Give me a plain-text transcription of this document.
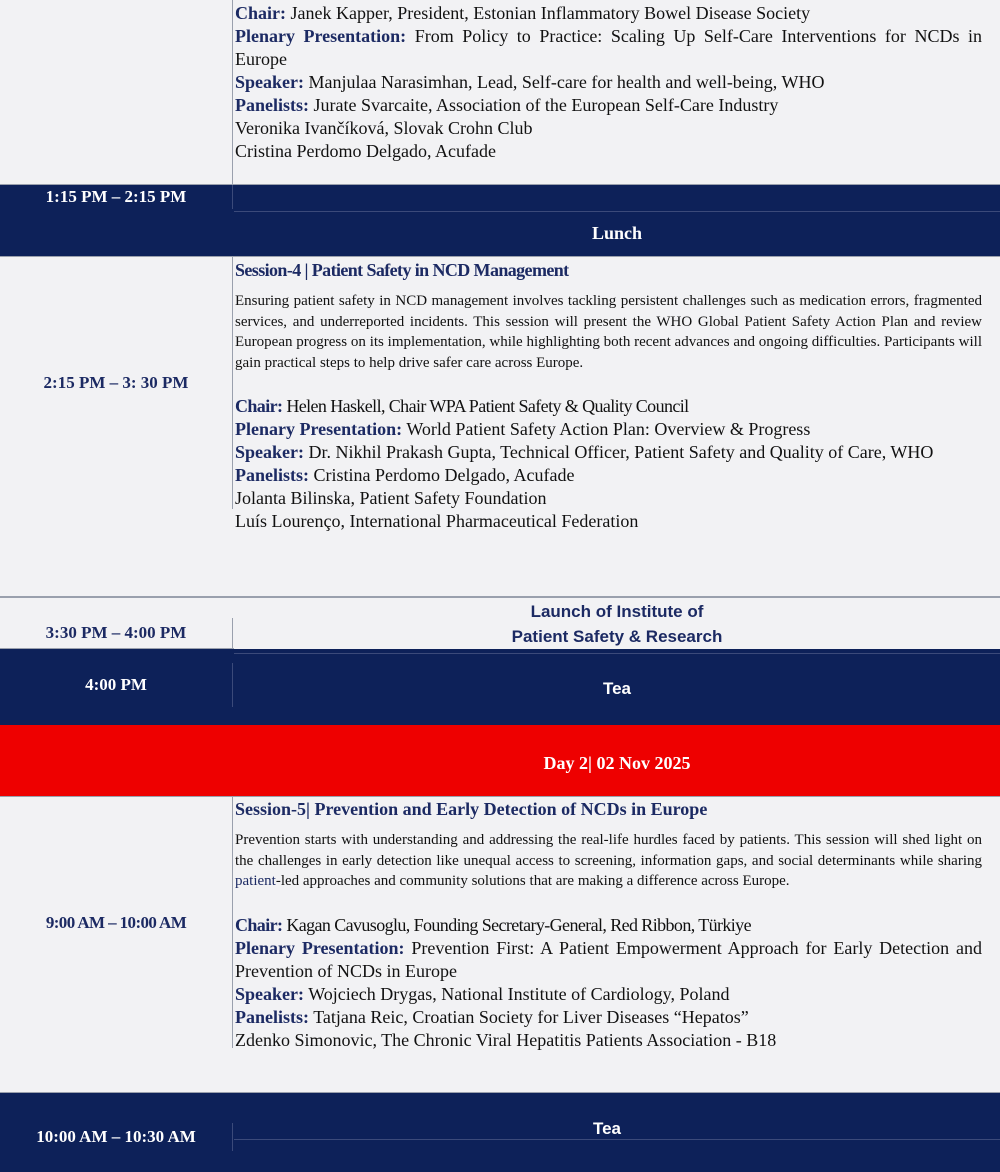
Chair: Janek Kapper, President, Estonian Inflammatory Bowel Disease Society
Plenary Presentation: From Policy to Practice: Scaling Up Self-Care Interventions for NCDs in Europe
Speaker: Manjulaa Narasimhan, Lead, Self-care for health and well-being, WHO
Panelists: Jurate Svarcaite, Association of the European Self-Care Industry
Veronika Ivančíková, Slovak Crohn Club
Cristina Perdomo Delgado, Acufade
1:15 PM – 2:15 PM
Lunch
2:15 PM – 3: 30 PM
Session-4 | Patient Safety in NCD Management
Ensuring patient safety in NCD management involves tackling persistent challenges such as medication errors, fragmented services, and underreported incidents. This session will present the WHO Global Patient Safety Action Plan and review European progress on its implementation, while highlighting both recent advances and ongoing difficulties. Participants will gain practical steps to help drive safer care across Europe.
Chair: Helen Haskell, Chair WPA Patient Safety & Quality Council
Plenary Presentation: World Patient Safety Action Plan: Overview & Progress
Speaker: Dr. Nikhil Prakash Gupta, Technical Officer, Patient Safety and Quality of Care, WHO
Panelists: Cristina Perdomo Delgado, Acufade
Jolanta Bilinska, Patient Safety Foundation
Luís Lourenço, International Pharmaceutical Federation
3:30 PM – 4:00 PM
Launch of Institute of
Patient Safety & Research
4:00 PM	Tea
Day 2| 02 Nov 2025
9:00 AM – 10:00 AM
Session-5| Prevention and Early Detection of NCDs in Europe
Prevention starts with understanding and addressing the real-life hurdles faced by patients. This session will shed light on the challenges in early detection like unequal access to screening, information gaps, and social determinants while sharing patient-led approaches and community solutions that are making a difference across Europe.
Chair: Kagan Cavusoglu, Founding Secretary-General, Red Ribbon, Türkiye
Plenary Presentation: Prevention First: A Patient Empowerment Approach for Early Detection and Prevention of NCDs in Europe
Speaker: Wojciech Drygas, National Institute of Cardiology, Poland
Panelists: Tatjana Reic, Croatian Society for Liver Diseases “Hepatos”
Zdenko Simonovic, The Chronic Viral Hepatitis Patients Association - B18
10:00 AM – 10:30 AM	Tea
